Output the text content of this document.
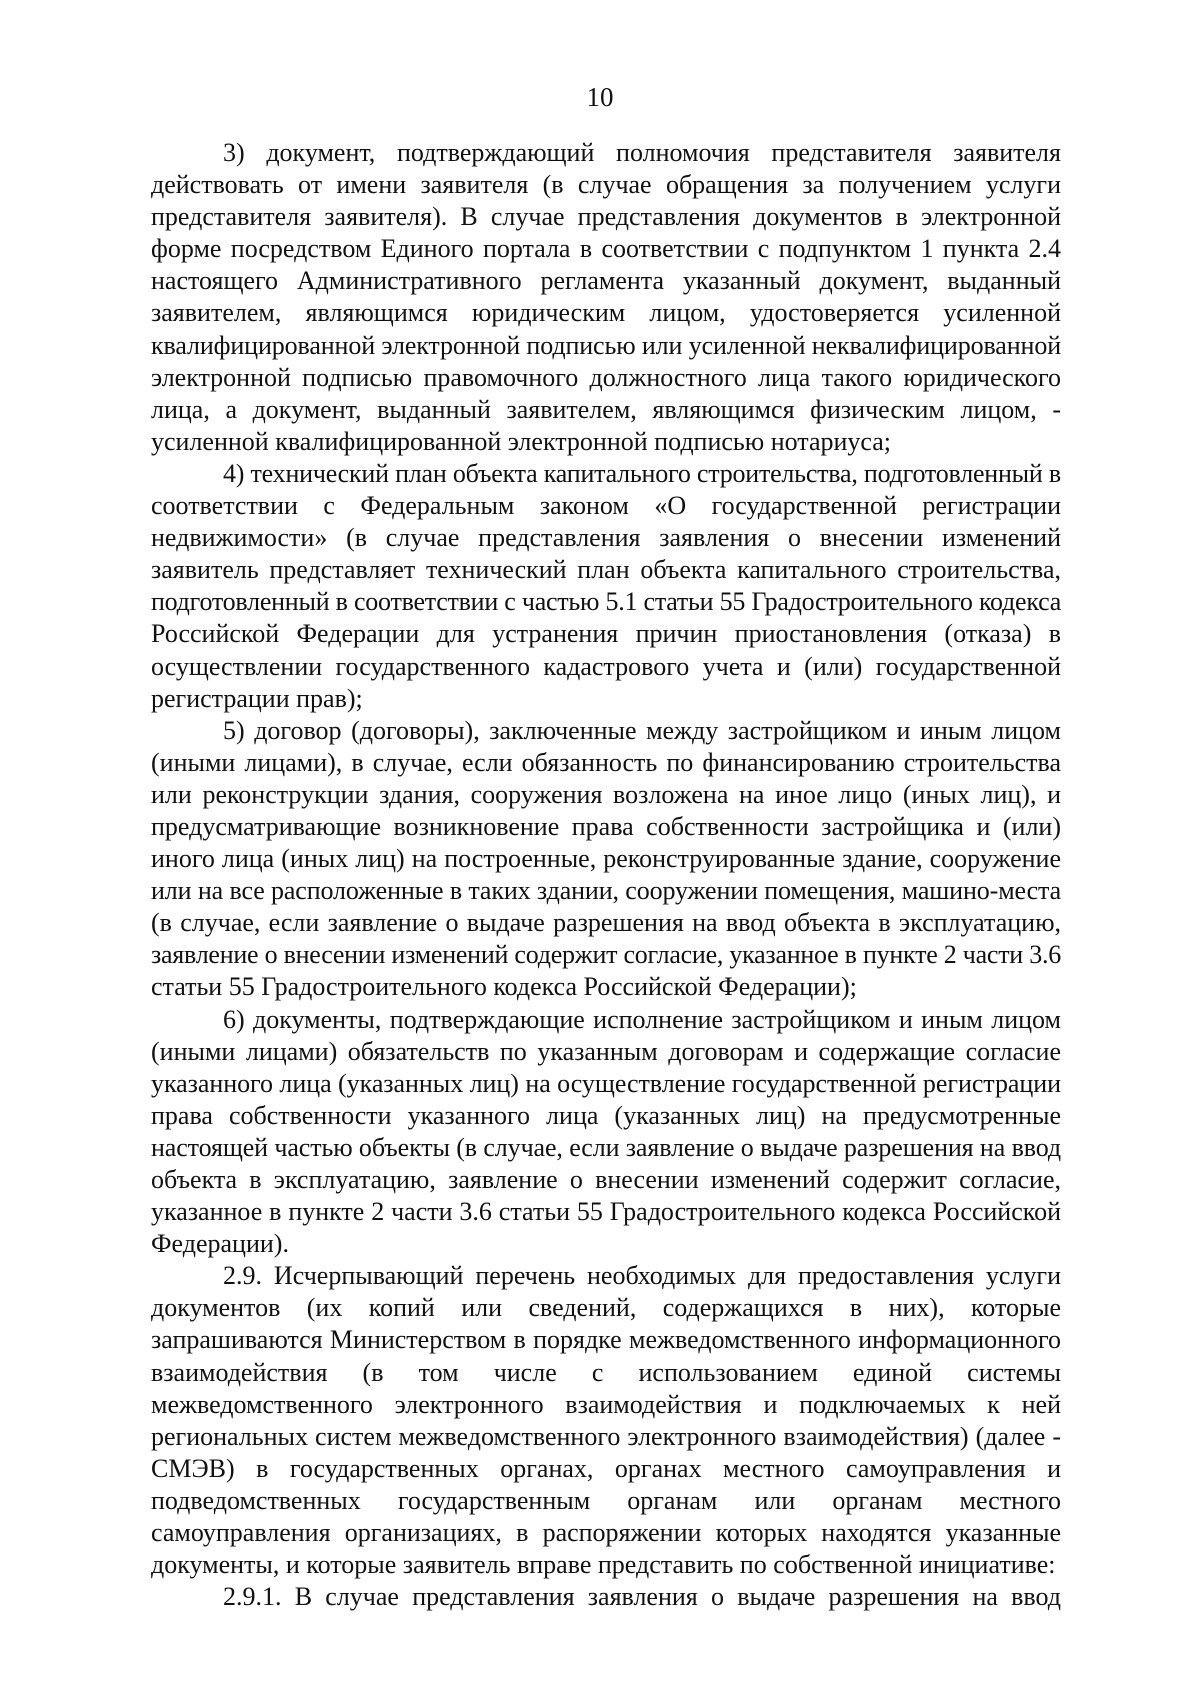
10
3) документ, подтверждающий полномочия представителя заявителя
действовать от имени заявителя (в случае обращения за получением услуги
представителя заявителя). В случае представления документов в электронной
форме посредством Единого портала в соответствии с подпунктом 1 пункта 2.4
настоящего Административного регламента указанный документ, выданный
заявителем, являющимся юридическим лицом, удостоверяется усиленной
квалифицированной электронной подписью или усиленной неквалифицированной
электронной подписью правомочного должностного лица такого юридического
лица, а документ, выданный заявителем, являющимся физическим лицом, -
усиленной квалифицированной электронной подписью нотариуса;
4) технический план объекта капитального строительства, подготовленный в
соответствии с Федеральным законом «О государственной регистрации
недвижимости» (в случае представления заявления о внесении изменений
заявитель представляет технический план объекта капитального строительства,
подготовленный в соответствии с частью 5.1 статьи 55 Градостроительного кодекса
Российской Федерации для устранения причин приостановления (отказа) в
осуществлении государственного кадастрового учета и (или) государственной
регистрации прав);
5) договор (договоры), заключенные между застройщиком и иным лицом
(иными лицами), в случае, если обязанность по финансированию строительства
или реконструкции здания, сооружения возложена на иное лицо (иных лиц), и
предусматривающие возникновение права собственности застройщика и (или)
иного лица (иных лиц) на построенные, реконструированные здание, сооружение
или на все расположенные в таких здании, сооружении помещения, машино-места
(в случае, если заявление о выдаче разрешения на ввод объекта в эксплуатацию,
заявление о внесении изменений содержит согласие, указанное в пункте 2 части 3.6
статьи 55 Градостроительного кодекса Российской Федерации);
6) документы, подтверждающие исполнение застройщиком и иным лицом
(иными лицами) обязательств по указанным договорам и содержащие согласие
указанного лица (указанных лиц) на осуществление государственной регистрации
права собственности указанного лица (указанных лиц) на предусмотренные
настоящей частью объекты (в случае, если заявление о выдаче разрешения на ввод
объекта в эксплуатацию, заявление о внесении изменений содержит согласие,
указанное в пункте 2 части 3.6 статьи 55 Градостроительного кодекса Российской
Федерации).
2.9. Исчерпывающий перечень необходимых для предоставления услуги
документов (их копий или сведений, содержащихся в них), которые
запрашиваются Министерством в порядке межведомственного информационного
взаимодействия (в том числе с использованием единой системы
межведомственного электронного взаимодействия и подключаемых к ней
региональных систем межведомственного электронного взаимодействия) (далее -
СМЭВ) в государственных органах, органах местного самоуправления и
подведомственных государственным органам или органам местного
самоуправления организациях, в распоряжении которых находятся указанные
документы, и которые заявитель вправе представить по собственной инициативе:
2.9.1. В случае представления заявления о выдаче разрешения на ввод
